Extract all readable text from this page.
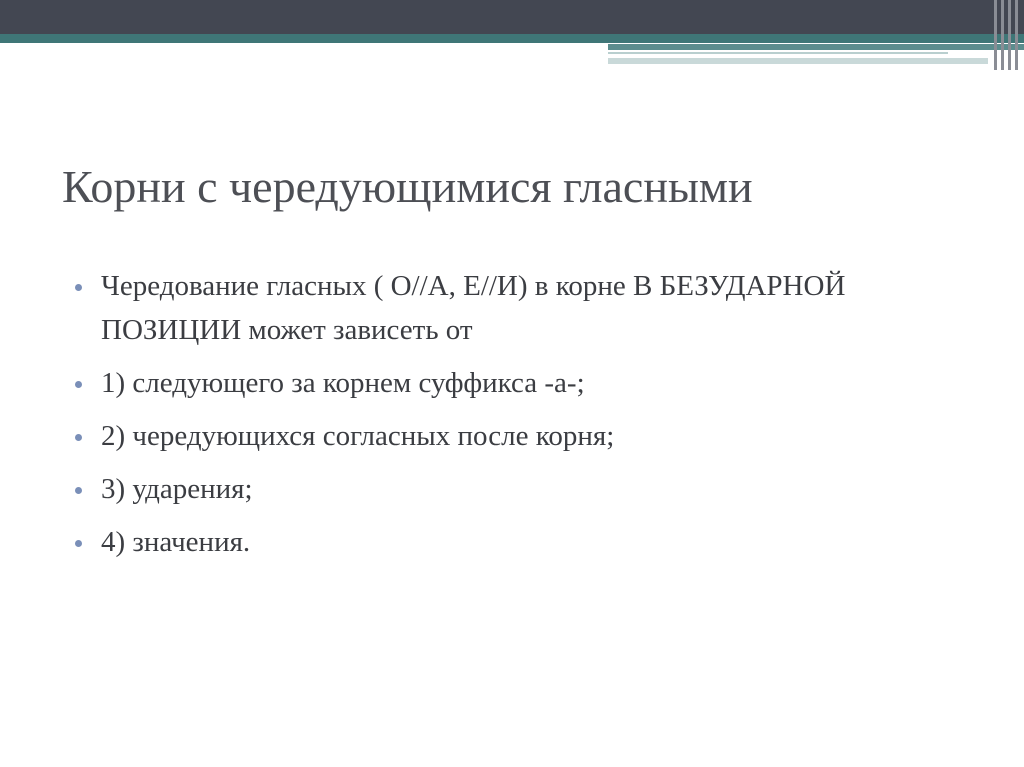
Корни с чередующимися гласными
Чередование гласных ( О//А, Е//И) в корне В БЕЗУДАРНОЙ ПОЗИЦИИ может зависеть от
1) следующего за корнем суффикса -а-;
2) чередующихся согласных после корня;
3) ударения;
4) значения.
